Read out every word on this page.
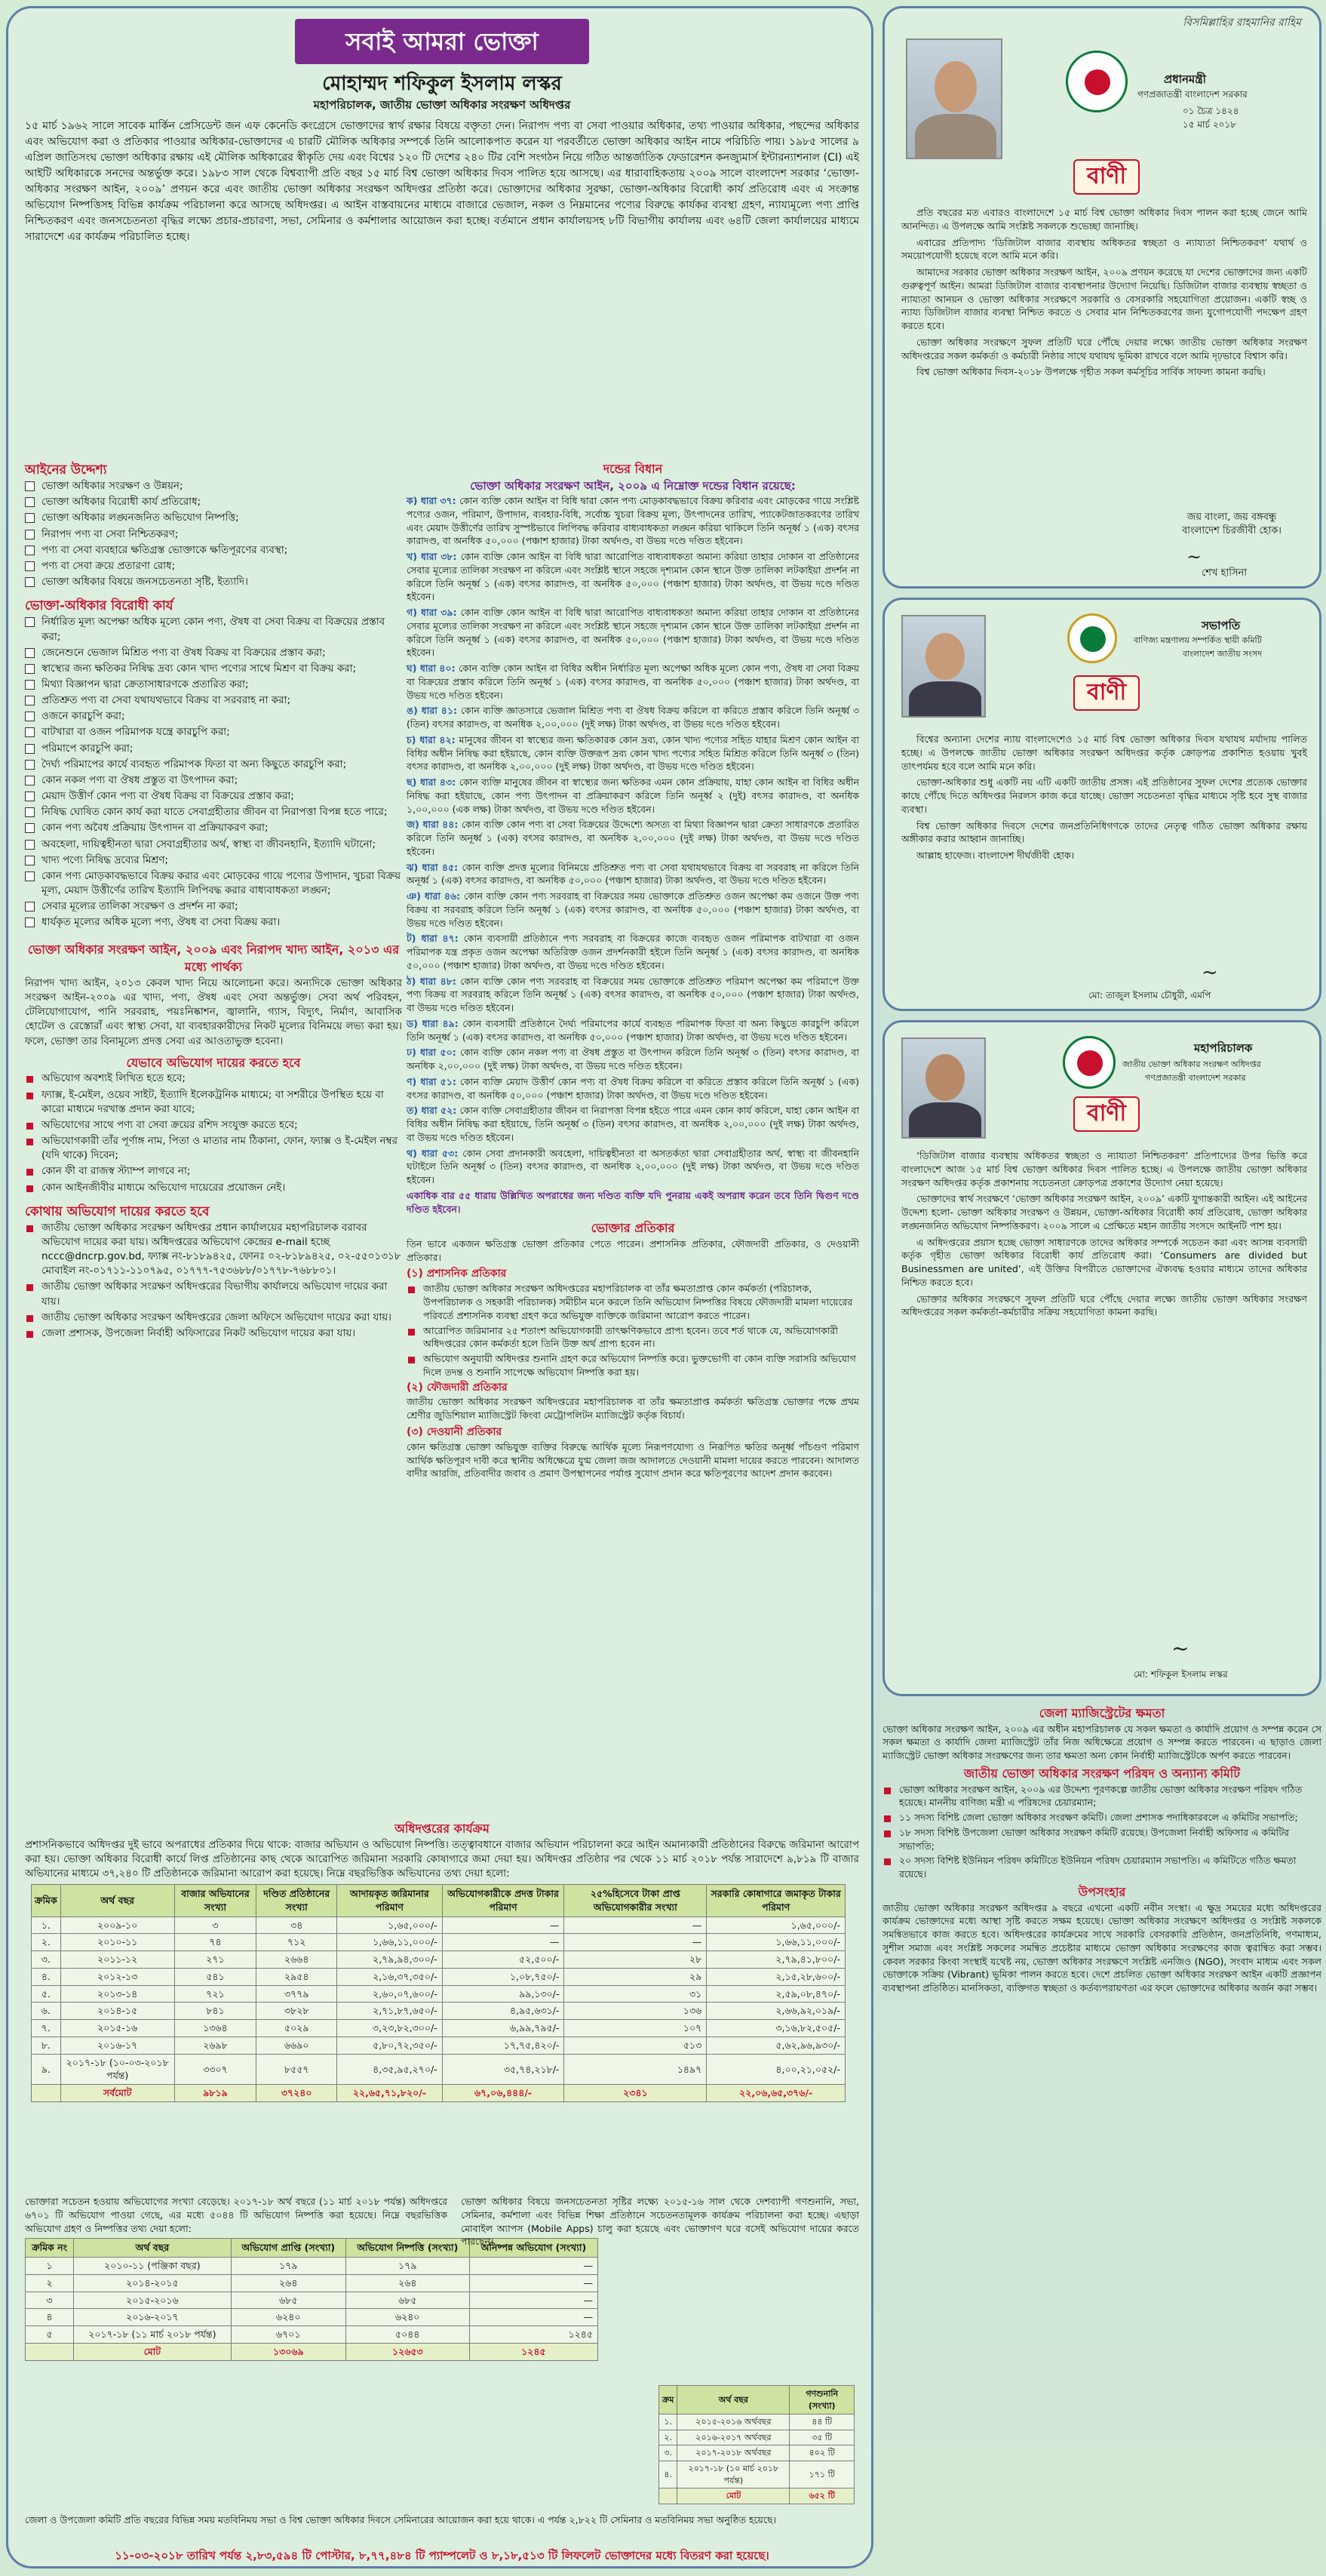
সবাই আমরা ভোক্তা
মোহাম্মদ শফিকুল ইসলাম লস্কর
মহাপরিচালক, জাতীয় ভোক্তা অধিকার সংরক্ষণ অধিদপ্তর
১৫ মার্চ ১৯৬২ সালে সাবেক মার্কিন প্রেসিডেন্ট জন এফ কেনেডি কংগ্রেসে ভোক্তাদের স্বার্থ রক্ষার বিষয়ে বক্তৃতা দেন। নিরাপদ পণ্য বা সেবা পাওয়ার অধিকার, তথ্য পাওয়ার অধিকার, পছন্দের অধিকার এবং অভিযোগ করা ও প্রতিকার পাওয়ার অধিকার-ভোক্তাদের এ চারটি মৌলিক অধিকার সম্পর্কে তিনি আলোকপাত করেন যা পরবর্তীতে ভোক্তা অধিকার আইন নামে পরিচিতি পায়। ১৯৮৫ সালের ৯ এপ্রিল জাতিসংঘ ভোক্তা অধিকার রক্ষায় এই মৌলিক অধিকারের স্বীকৃতি দেয় এবং বিশ্বের ১২০ টি দেশের ২৪০ টির বেশি সংগঠন নিয়ে গঠিত আন্তর্জাতিক ফেডারেশন কনজ্যুমার্স ইন্টারন্যাশনাল (CI) এই আইটি অধিকারকে সনদের অন্তর্ভুক্ত করে। ১৯৮৩ সাল থেকে বিশ্বব্যাপী প্রতি বছর ১৫ মার্চ বিশ্ব ভোক্তা অধিকার দিবস পালিত হয়ে আসছে। এর ধারাবাহিকতায় ২০০৯ সালে বাংলাদেশ সরকার ‘ভোক্তা-অধিকার সংরক্ষণ আইন, ২০০৯’ প্রণয়ন করে এবং জাতীয় ভোক্তা অধিকার সংরক্ষণ অধিদপ্তর প্রতিষ্ঠা করে। ভোক্তাদের অধিকার সুরক্ষা, ভোক্তা-অধিকার বিরোধী কার্য প্রতিরোধ এবং এ সংক্রান্ত অভিযোগ নিষ্পত্তিসহ বিভিন্ন কার্যক্রম পরিচালনা করে আসছে অধিদপ্তর। এ আইন বাস্তবায়নের মাধ্যমে বাজারে ভেজাল, নকল ও নিম্নমানের পণ্যের বিরুদ্ধে কার্যকর ব্যবস্থা গ্রহণ, ন্যায্যমূল্যে পণ্য প্রাপ্তি নিশ্চিতকরণ এবং জনসচেতনতা বৃদ্ধির লক্ষ্যে প্রচার-প্রচারণা, সভা, সেমিনার ও কর্মশালার আয়োজন করা হচ্ছে। বর্তমানে প্রধান কার্যালয়সহ ৮টি বিভাগীয় কার্যালয় এবং ৬৪টি জেলা কার্যালয়ের মাধ্যমে সারাদেশে এর কার্যক্রম পরিচালিত হচ্ছে।
আইনের উদ্দেশ্য
ভোক্তা অধিকার সংরক্ষণ ও উন্নয়ন;
ভোক্তা অধিকার বিরোধী কার্য প্রতিরোধ;
ভোক্তা অধিকার লঙ্ঘনজনিত অভিযোগ নিষ্পত্তি;
নিরাপদ পণ্য বা সেবা নিশ্চিতকরণ;
পণ্য বা সেবা ব্যবহারে ক্ষতিগ্রস্ত ভোক্তাকে ক্ষতিপূরণের ব্যবস্থা;
পণ্য বা সেবা ক্রয়ে প্রতারণা রোধ;
ভোক্তা অধিকার বিষয়ে জনসচেতনতা সৃষ্টি, ইত্যাদি।
ভোক্তা-অধিকার বিরোধী কার্য
নির্ধারিত মূল্য অপেক্ষা অধিক মূল্যে কোন পণ্য, ঔষধ বা সেবা বিক্রয় বা বিক্রয়ের প্রস্তাব করা;
জেনেশুনে ভেজাল মিশ্রিত পণ্য বা ঔষধ বিক্রয় বা বিক্রয়ের প্রস্তাব করা;
স্বাস্থ্যের জন্য ক্ষতিকর নিষিদ্ধ দ্রব্য কোন খাদ্য পণ্যের সাথে মিশ্রণ বা বিক্রয় করা;
মিথ্যা বিজ্ঞাপন দ্বারা ক্রেতাসাধারণকে প্রতারিত করা;
প্রতিশ্রুত পণ্য বা সেবা যথাযথভাবে বিক্রয় বা সরবরাহ না করা;
ওজনে কারচুপি করা;
বাটখারা বা ওজন পরিমাপক যন্ত্রে কারচুপি করা;
পরিমাপে কারচুপি করা;
দৈর্ঘ্য পরিমাপের কার্যে ব্যবহৃত পরিমাপক ফিতা বা অন্য কিছুতে কারচুপি করা;
কোন নকল পণ্য বা ঔষধ প্রস্তুত বা উৎপাদন করা;
মেয়াদ উত্তীর্ণ কোন পণ্য বা ঔষধ বিক্রয় বা বিক্রয়ের প্রস্তাব করা;
নিষিদ্ধ ঘোষিত কোন কার্য করা যাতে সেবাগ্রহীতার জীবন বা নিরাপত্তা বিপন্ন হতে পারে;
কোন পণ্য অবৈধ প্রক্রিয়ায় উৎপাদন বা প্রক্রিয়াকরণ করা;
অবহেলা, দায়িত্বহীনতা দ্বারা সেবাগ্রহীতার অর্থ, স্বাস্থ্য বা জীবনহানি, ইত্যাদি ঘটানো;
খাদ্য পণ্যে নিষিদ্ধ দ্রব্যের মিশ্রণ;
কোন পণ্য মোড়কাবদ্ধভাবে বিক্রয় করার এবং মোড়কের গায়ে পণ্যের উপাদান, খুচরা বিক্রয় মূল্য, মেয়াদ উত্তীর্ণের তারিখ ইত্যাদি লিপিবদ্ধ করার বাধ্যবাধকতা লঙ্ঘন;
সেবার মূল্যের তালিকা সংরক্ষণ ও প্রদর্শন না করা;
ধার্যকৃত মূল্যের অধিক মূল্যে পণ্য, ঔষধ বা সেবা বিক্রয় করা।
ভোক্তা অধিকার সংরক্ষণ আইন, ২০০৯ এবং নিরাপদ খাদ্য আইন, ২০১৩ এর মধ্যে পার্থক্য
নিরাপদ খাদ্য আইন, ২০১৩ কেবল খাদ্য নিয়ে আলোচনা করে। অন্যদিকে ভোক্তা অধিকার সংরক্ষণ আইন-২০০৯ এর খাদ্য, পণ্য, ঔষধ এবং সেবা অন্তর্ভুক্ত। সেবা অর্থ পরিবহন, টেলিযোগাযোগ, পানি সরবরাহ, পয়ঃনিষ্কাশন, জ্বালানি, গ্যাস, বিদ্যুৎ, নির্মাণ, আবাসিক হোটেল ও রেস্তোরাঁ এবং স্বাস্থ্য সেবা, যা ব্যবহারকারীদের নিকট মূল্যের বিনিময়ে লভ্য করা হয়। ফলে, ভোক্তা তার বিনামূল্যে প্রদত্ত সেবা এর আওতাভুক্ত হবেনা।
যেভাবে অভিযোগ দায়ের করতে হবে
অভিযোগ অবশ্যই লিখিত হতে হবে;
ফ্যাক্স, ই-মেইল, ওয়েব সাইট, ইত্যাদি ইলেকট্রনিক মাধ্যমে; বা সশরীরে উপস্থিত হয়ে বা কারো মাধ্যমে দরখাস্ত প্রদান করা যাবে;
অভিযোগের সাথে পণ্য বা সেবা ক্রয়ের রশিদ সংযুক্ত করতে হবে;
অভিযোগকারী তাঁর পূর্ণাঙ্গ নাম, পিতা ও মাতার নাম ঠিকানা, ফোন, ফ্যাক্স ও ই-মেইল নম্বর (যদি থাকে) দিবেন;
কোন ফী বা রাজস্ব স্ট্যাম্প লাগবে না;
কোন আইনজীবীর মাধ্যমে অভিযোগ দায়েরের প্রয়োজন নেই।
কোথায় অভিযোগ দায়ের করতে হবে
জাতীয় ভোক্তা অধিকার সংরক্ষণ অধিদপ্তর প্রধান কার্যালয়ের মহাপরিচালক বরাবর অভিযোগ দায়ের করা যায়। অধিদপ্তরের অভিযোগ কেন্দ্রের e-mail হচ্ছে nccc@dncrp.gov.bd, ফ্যাক্স নং-৮১৮৯৪২৫, ফোনঃ ০২-৮১৮৯৪২৫, ০২-৫৫০১৩১৮ মোবাইল নং-০১৭১১-১১০৭৯৫, ০১৭৭৭-৭৫৩৬৮৮/০১৭৭৮-৭৬৮৮০১।
জাতীয় ভোক্তা অধিকার সংরক্ষণ অধিদপ্তরের বিভাগীয় কার্যালয়ে অভিযোগ দায়ের করা যায়।
জাতীয় ভোক্তা অধিকার সংরক্ষণ অধিদপ্তরের জেলা অফিসে অভিযোগ দায়ের করা যায়।
জেলা প্রশাসক, উপজেলা নির্বাহী অফিসারের নিকট অভিযোগ দায়ের করা যায়।
দন্ডের বিধান
ভোক্তা অধিকার সংরক্ষণ আইন, ২০০৯ এ নিম্নোক্ত দন্ডের বিধান রয়েছে:
ক) ধারা ৩৭: কোন ব্যক্তি কোন আইন বা বিধি দ্বারা কোন পণ্য মোড়কাবদ্ধভাবে বিক্রয় করিবার এবং মোড়কের গায়ে সংশ্লিষ্ট পণ্যের ওজন, পরিমাণ, উপাদান, ব্যবহার-বিধি, সর্বোচ্চ খুচরা বিক্রয় মূল্য, উৎপাদনের তারিখ, প্যাকেটজাতকরণের তারিখ এবং মেয়াদ উত্তীর্ণের তারিখ সুস্পষ্টভাবে লিপিবদ্ধ করিবার বাধ্যবাধকতা লঙ্ঘন করিয়া থাকিলে তিনি অনূর্ধ্ব ১ (এক) বৎসর কারাদণ্ড, বা অনধিক ৫০,০০০ (পঞ্চাশ হাজার) টাকা অর্থদণ্ড, বা উভয় দণ্ডে দণ্ডিত হইবেন।
খ) ধারা ৩৮: কোন ব্যক্তি কোন আইন বা বিধি দ্বারা আরোপিত বাধ্যবাধকতা অমান্য করিয়া তাহার দোকান বা প্রতিষ্ঠানের সেবার মূল্যের তালিকা সংরক্ষণ না করিলে এবং সংশ্লিষ্ট স্থানে সহজে দৃশ্যমান কোন স্থানে উক্ত তালিকা লটকাইয়া প্রদর্শন না করিলে তিনি অনূর্ধ্ব ১ (এক) বৎসর কারাদণ্ড, বা অনধিক ৫০,০০০ (পঞ্চাশ হাজার) টাকা অর্থদণ্ড, বা উভয় দণ্ডে দণ্ডিত হইবেন।
গ) ধারা ৩৯: কোন ব্যক্তি কোন আইন বা বিধি দ্বারা আরোপিত বাধ্যবাধকতা অমান্য করিয়া তাহার দোকান বা প্রতিষ্ঠানের সেবার মূল্যের তালিকা সংরক্ষণ না করিলে এবং সংশ্লিষ্ট স্থানে সহজে দৃশ্যমান কোন স্থানে উক্ত তালিকা লটকাইয়া প্রদর্শন না করিলে তিনি অনূর্ধ্ব ১ (এক) বৎসর কারাদণ্ড, বা অনধিক ৫০,০০০ (পঞ্চাশ হাজার) টাকা অর্থদণ্ড, বা উভয় দণ্ডে দণ্ডিত হইবেন।
ঘ) ধারা ৪০: কোন ব্যক্তি কোন আইন বা বিধির অধীন নির্ধারিত মূল্য অপেক্ষা অধিক মূল্যে কোন পণ্য, ঔষধ বা সেবা বিক্রয় বা বিক্রয়ের প্রস্তাব করিলে তিনি অনূর্ধ্ব ১ (এক) বৎসর কারাদণ্ড, বা অনধিক ৫০,০০০ (পঞ্চাশ হাজার) টাকা অর্থদণ্ড, বা উভয় দণ্ডে দণ্ডিত হইবেন।
ঙ) ধারা ৪১: কোন ব্যক্তি জ্ঞাতসারে ভেজাল মিশ্রিত পণ্য বা ঔষধ বিক্রয় করিলে বা করিতে প্রস্তাব করিলে তিনি অনূর্ধ্ব ৩ (তিন) বৎসর কারাদণ্ড, বা অনধিক ২,০০,০০০ (দুই লক্ষ) টাকা অর্থদণ্ড, বা উভয় দণ্ডে দণ্ডিত হইবেন।
চ) ধারা ৪২: মানুষের জীবন বা স্বাস্থ্যের জন্য ক্ষতিকারক কোন দ্রব্য, কোন খাদ্য পণ্যের সহিত যাহার মিশ্রণ কোন আইন বা বিধির অধীন নিষিদ্ধ করা হইয়াছে, কোন ব্যক্তি উক্তরূপ দ্রব্য কোন খাদ্য পণ্যের সহিত মিশ্রিত করিলে তিনি অনূর্ধ্ব ৩ (তিন) বৎসর কারাদণ্ড, বা অনধিক ২,০০,০০০ (দুই লক্ষ) টাকা অর্থদণ্ড, বা উভয় দণ্ডে দণ্ডিত হইবেন।
ছ) ধারা ৪৩: কোন ব্যক্তি মানুষের জীবন বা স্বাস্থ্যের জন্য ক্ষতিকর এমন কোন প্রক্রিয়ায়, যাহা কোন আইন বা বিধির অধীন নিষিদ্ধ করা হইয়াছে, কোন পণ্য উৎপাদন বা প্রক্রিয়াকরণ করিলে তিনি অনূর্ধ্ব ২ (দুই) বৎসর কারাদণ্ড, বা অনধিক ১,০০,০০০ (এক লক্ষ) টাকা অর্থদণ্ড, বা উভয় দণ্ডে দণ্ডিত হইবেন।
জ) ধারা ৪৪: কোন ব্যক্তি কোন পণ্য বা সেবা বিক্রয়ের উদ্দেশ্যে অসত্য বা মিথ্যা বিজ্ঞাপন দ্বারা ক্রেতা সাধারণকে প্রতারিত করিলে তিনি অনূর্ধ্ব ১ (এক) বৎসর কারাদণ্ড, বা অনধিক ২,০০,০০০ (দুই লক্ষ) টাকা অর্থদণ্ড, বা উভয় দণ্ডে দণ্ডিত হইবেন।
ঝ) ধারা ৪৫: কোন ব্যক্তি প্রদত্ত মূল্যের বিনিময়ে প্রতিশ্রুত পণ্য বা সেবা যথাযথভাবে বিক্রয় বা সরবরাহ না করিলে তিনি অনূর্ধ্ব ১ (এক) বৎসর কারাদণ্ড, বা অনধিক ৫০,০০০ (পঞ্চাশ হাজার) টাকা অর্থদণ্ড, বা উভয় দণ্ডে দণ্ডিত হইবেন।
ঞ) ধারা ৪৬: কোন ব্যক্তি কোন পণ্য সরবরাহ বা বিক্রয়ের সময় ভোক্তাকে প্রতিশ্রুত ওজন অপেক্ষা কম ওজনে উক্ত পণ্য বিক্রয় বা সরবরাহ করিলে তিনি অনূর্ধ্ব ১ (এক) বৎসর কারাদণ্ড, বা অনধিক ৫০,০০০ (পঞ্চাশ হাজার) টাকা অর্থদণ্ড, বা উভয় দণ্ডে দণ্ডিত হইবেন।
ট) ধারা ৪৭: কোন ব্যবসায়ী প্রতিষ্ঠানে পণ্য সরবরাহ বা বিক্রয়ের কাজে ব্যবহৃত ওজন পরিমাপক বাটখারা বা ওজন পরিমাপক যন্ত্র প্রকৃত ওজন অপেক্ষা অতিরিক্ত ওজন প্রদর্শনকারী হইলে তিনি অনূর্ধ্ব ১ (এক) বৎসর কারাদণ্ড, বা অনধিক ৫০,০০০ (পঞ্চাশ হাজার) টাকা অর্থদণ্ড, বা উভয় দণ্ডে দণ্ডিত হইবেন।
ঠ) ধারা ৪৮: কোন ব্যক্তি কোন পণ্য সরবরাহ বা বিক্রয়ের সময় ভোক্তাকে প্রতিশ্রুত পরিমাপ অপেক্ষা কম পরিমাপে উক্ত পণ্য বিক্রয় বা সরবরাহ করিলে তিনি অনূর্ধ্ব ১ (এক) বৎসর কারাদণ্ড, বা অনধিক ৫০,০০০ (পঞ্চাশ হাজার) টাকা অর্থদণ্ড, বা উভয় দণ্ডে দণ্ডিত হইবেন।
ড) ধারা ৪৯: কোন ব্যবসায়ী প্রতিষ্ঠানে দৈর্ঘ্য পরিমাপের কার্যে ব্যবহৃত পরিমাপক ফিতা বা অন্য কিছুতে কারচুপি করিলে তিনি অনূর্ধ্ব ১ (এক) বৎসর কারাদণ্ড, বা অনধিক ৫০,০০০ (পঞ্চাশ হাজার) টাকা অর্থদণ্ড, বা উভয় দণ্ডে দণ্ডিত হইবেন।
ঢ) ধারা ৫০: কোন ব্যক্তি কোন নকল পণ্য বা ঔষধ প্রস্তুত বা উৎপাদন করিলে তিনি অনূর্ধ্ব ৩ (তিন) বৎসর কারাদণ্ড, বা অনধিক ২,০০,০০০ (দুই লক্ষ) টাকা অর্থদণ্ড, বা উভয় দণ্ডে দণ্ডিত হইবেন।
ণ) ধারা ৫১: কোন ব্যক্তি মেয়াদ উত্তীর্ণ কোন পণ্য বা ঔষধ বিক্রয় করিলে বা করিতে প্রস্তাব করিলে তিনি অনূর্ধ্ব ১ (এক) বৎসর কারাদণ্ড, বা অনধিক ৫০,০০০ (পঞ্চাশ হাজার) টাকা অর্থদণ্ড, বা উভয় দণ্ডে দণ্ডিত হইবেন।
ত) ধারা ৫২: কোন ব্যক্তি সেবাগ্রহীতার জীবন বা নিরাপত্তা বিপন্ন হইতে পারে এমন কোন কার্য করিলে, যাহা কোন আইন বা বিধির অধীন নিষিদ্ধ করা হইয়াছে, তিনি অনূর্ধ্ব ৩ (তিন) বৎসর কারাদণ্ড, বা অনধিক ২,০০,০০০ (দুই লক্ষ) টাকা অর্থদণ্ড, বা উভয় দণ্ডে দণ্ডিত হইবেন।
থ) ধারা ৫৩: কোন সেবা প্রদানকারী অবহেলা, দায়িত্বহীনতা বা অসতর্কতা দ্বারা সেবাগ্রহীতার অর্থ, স্বাস্থ্য বা জীবনহানি ঘটাইলে তিনি অনূর্ধ্ব ৩ (তিন) বৎসর কারাদণ্ড, বা অনধিক ২,০০,০০০ (দুই লক্ষ) টাকা অর্থদণ্ড, বা উভয় দণ্ডে দণ্ডিত হইবেন।
একাধিক বার ৫৫ ধারায় উল্লিখিত অপরাধের জন্য দণ্ডিত ব্যক্তি যদি পুনরায় একই অপরাধ করেন তবে তিনি দ্বিগুণ দণ্ডে দণ্ডিত হইবেন।
ভোক্তার প্রতিকার
তিন ভাবে একজন ক্ষতিগ্রস্ত ভোক্তা প্রতিকার পেতে পারেন। প্রশাসনিক প্রতিকার, ফৌজদারী প্রতিকার, ও দেওয়ানী প্রতিকার।
(১) প্রশাসনিক প্রতিকার
জাতীয় ভোক্তা অধিকার সংরক্ষণ অধিদপ্তরের মহাপরিচালক বা তাঁর ক্ষমতাপ্রাপ্ত কোন কর্মকর্তা (পরিচালক, উপপরিচালক ও সহকারী পরিচালক) সমীচীন মনে করলে তিনি অভিযোগ নিষ্পত্তির বিষয়ে ফৌজদারী মামলা দায়েরের পরিবর্তে প্রশাসনিক ব্যবস্থা গ্রহণ করে অভিযুক্ত ব্যক্তিকে জরিমানা আরোপ করতে পারেন।
আরোপিত জরিমানার ২৫ শতাংশ অভিযোগকারী তাৎক্ষণিকভাবে প্রাপ্য হবেন। তবে শর্ত থাকে যে, অভিযোগকারী অধিদপ্তরের কোন কর্মকর্তা হলে তিনি উক্ত অর্থ প্রাপ্য হবেন না।
অভিযোগ অনুযায়ী অধিদপ্তর শুনানি গ্রহণ করে অভিযোগ নিষ্পত্তি করে। ভুক্তভোগী বা কোন ব্যক্তি সরাসরি অভিযোগ দিলে তদন্ত ও শুনানি সাপেক্ষে অভিযোগ নিষ্পত্তি করা হয়।
(২) ফৌজদারী প্রতিকার
জাতীয় ভোক্তা অধিকার সংরক্ষণ অধিদপ্তরের মহাপরিচালক বা তাঁর ক্ষমতাপ্রাপ্ত কর্মকর্তা ক্ষতিগ্রস্ত ভোক্তার পক্ষে প্রথম শ্রেণীর জুডিশিয়াল ম্যাজিস্ট্রেট কিংবা মেট্রোপলিটন ম্যাজিস্ট্রেট কর্তৃক বিচার্য।
(৩) দেওয়ানী প্রতিকার
কোন ক্ষতিগ্রস্ত ভোক্তা অভিযুক্ত ব্যক্তির বিরুদ্ধে আর্থিক মূল্যে নিরূপণযোগ্য ও নিরূপিত ক্ষতির অনূর্ধ্ব পাঁচগুণ পরিমাণ আর্থিক ক্ষতিপূরণ দাবী করে স্থানীয় অধিক্ষেত্রে যুগ্ম জেলা জজ আদালতে দেওয়ানী মামলা দায়ের করতে পারবেন। আদালত বাদীর আরজি, প্রতিবাদীর জবাব ও প্রমাণ উপস্থাপনের পর্যাপ্ত সুযোগ প্রদান করে ক্ষতিপূরণের আদেশ প্রদান করবেন।
অধিদপ্তরের কার্যক্রম
প্রশাসনিকভাবে অধিদপ্তর দুই ভাবে অপরাধের প্রতিকার দিয়ে থাকে: বাজার অভিযান ও অভিযোগ নিষ্পত্তি। তত্ত্বাবধানে বাজার অভিযান পরিচালনা করে আইন অমান্যকারী প্রতিষ্ঠানের বিরুদ্ধে জরিমানা আরোপ করা হয়। ভোক্তা অধিকার বিরোধী কার্যে লিপ্ত প্রতিষ্ঠানের কাছ থেকে আরোপিত জরিমানা সরকারি কোষাগারে জমা দেয়া হয়। অধিদপ্তর প্রতিষ্ঠার পর থেকে ১১ মার্চ ২০১৮ পর্যন্ত সারাদেশে ৯,৮১৯ টি বাজার অভিযানের মাধ্যমে ৩৭,২৪০ টি প্রতিষ্ঠানকে জরিমানা আরোপ করা হয়েছে। নিম্নে বছরভিত্তিক অভিযানের তথ্য দেয়া হলো:
ক্রমিক	অর্থ বছর	বাজার অভিযানের সংখ্যা	দণ্ডিত প্রতিষ্ঠানের সংখ্যা	আদায়কৃত জরিমানার পরিমাণ	অভিযোগকারীকে প্রদত্ত টাকার পরিমাণ	২৫%হিসেবে টাকা প্রাপ্ত অভিযোগকারীর সংখ্যা	সরকারি কোষাগারে জমাকৃত টাকার পরিমাণ
১.	২০০৯-১০	৩	৩৪	১,৬৫,০০০/-	—	—	১,৬৫,০০০/-
২.	২০১০-১১	৭৪	৭১২	১,৬৬,১১,০০০/-	—	—	১,৬৬,১১,০০০/-
৩.	২০১১-১২	২৭১	২৬৬৪	২,৭৯,৯৪,৩০০/-	৫২,৫০০/-	২৮	২,৭৯,৪১,৮০০/-
৪.	২০১২-১৩	৫৪১	২৯৫৪	২,১৬,৩৭,৩৫০/-	১,০৮,৭৫০/-	২৯	২,১৫,২৮,৬০০/-
৫.	২০১৩-১৪	৭২১	৩৭৭৯	২,৬০,০৭,৬০০/-	৯৯,১৩০/-	৩১	২,৫৯,০৮,৪৭০/-
৬.	২০১৪-১৫	৮৪১	৩৮২৮	২,৭১,৮৭,৬৫০/-	৪,৯৫,৬৩১/-	১৩৬	২,৬৬,৯২,০১৯/-
৭.	২০১৫-১৬	১৩৬৪	৫০২৯	৩,২৩,৮২,৩০০/-	৬,৯৯,৭৯৫/-	১০৭	৩,১৬,৮২,৫০৫/-
৮.	২০১৬-১৭	২৬৯৮	৬৬৯০	৫,৮০,৭২,৩৫০/-	১৭,৭৫,৪২০/-	৫১৩	৫,৬২,৯৬,৯৩০/-
৯.	২০১৭-১৮ (১০-০৩-২০১৮ পর্যন্ত)	৩৩০৭	৮৫৫৭	৪,৩৫,৯৫,২৭০/-	৩৫,৭৪,২১৮/-	১৪৯৭	৪,০০,২১,০৫২/-
	সর্বমোট	৯৮১৯	৩৭২৪০	২২,৬৫,৭১,৮২০/-	৬৭,০৬,৪৪৪/-	২৩৪১	২২,০৬,৬৫,৩৭৬/-
ভোক্তারা সচেতন হওয়ায় অভিযোগের সংখ্যা বেড়েছে। ২০১৭-১৮ অর্থ বছরে (১১ মার্চ ২০১৮ পর্যন্ত) অধিদপ্তরে ৬৭০১ টি অভিযোগ পাওয়া গেছে, এর মধ্যে ৫০৪৪ টি অভিযোগ নিষ্পত্তি করা হয়েছে। নিম্নে বছরভিত্তিক অভিযোগ গ্রহণ ও নিষ্পত্তির তথ্য দেয়া হলো:
ক্রমিক নং	অর্থ বছর	অভিযোগ প্রাপ্তি (সংখ্যা)	অভিযোগ নিষ্পত্তি (সংখ্যা)	অনিষ্পন্ন অভিযোগ (সংখ্যা)
১	২০১০-১১ (পঞ্জিকা বছর)	১৭৯	১৭৯	—
২	২০১৪-২০১৫	২৬৪	২৬৪	—
৩	২০১৫-২০১৬	৬৮৫	৬৮৫	—
৪	২০১৬-২০১৭	৬২৪০	৬২৪০	—
৫	২০১৭-১৮ (১১ মার্চ ২০১৮ পর্যন্ত)	৬৭০১	৫০৪৪	১২৪৫
	মোট	১৩০৬৯	১২৬৫৩	১২৪৫
ভোক্তা অধিকার বিষয়ে জনসচেতনতা সৃষ্টির লক্ষ্যে ২০১৫-১৬ সাল থেকে দেশব্যাপী গণশুনানি, সভা, সেমিনার, কর্মশালা এবং বিভিন্ন শিক্ষা প্রতিষ্ঠানে সচেতনতামূলক কার্যক্রম পরিচালনা করা হচ্ছে। এছাড়া মোবাইল অ্যাপস (Mobile Apps) চালু করা হয়েছে এবং ভোক্তাগণ ঘরে বসেই অভিযোগ দায়ের করতে পারছেন।
ক্রম	অর্থ বছর	গণশুনানি (সংখ্যা)
১.	২০১৫-২০১৬ অর্থবছর	৪৪ টি
২.	২০১৬-২০১৭ অর্থবছর	৩৫ টি
৩.	২০১৭-২০১৮ অর্থবছর	৪০২ টি
৪.	২০১৭-১৮ (১০ মার্চ ২০১৮ পর্যন্ত)	১৭১ টি
	মোট	৬৫২ টি
জেলা ও উপজেলা কমিটি প্রতি বছরের বিভিন্ন সময় মতবিনিময় সভা ও বিশ্ব ভোক্তা অধিকার দিবসে সেমিনারের আয়োজন করা হয়ে থাকে। এ পর্যন্ত ২,৮২২ টি সেমিনার ও মতবিনিময় সভা অনুষ্ঠিত হয়েছে।
১১-০৩-২০১৮ তারিখ পর্যন্ত ২,৮৩,৫৯৪ টি পোস্টার, ৮,৭৭,৪৮৪ টি প্যাম্পলেট ও ৮,১৮,৫১৩ টি লিফলেট ভোক্তাদের মধ্যে বিতরণ করা হয়েছে।
বিসমিল্লাহির রাহমানির রাহিম
প্রধানমন্ত্রী
গণপ্রজাতন্ত্রী বাংলাদেশ সরকার
০১ চৈত্র ১৪২৪
১৫ মার্চ ২০১৮
বাণী

প্রতি বছরের মত এবারও বাংলাদেশে ১৫ মার্চ বিশ্ব ভোক্তা অধিকার দিবস পালন করা হচ্ছে জেনে আমি আনন্দিত। এ উপলক্ষে আমি সংশ্লিষ্ট সকলকে শুভেচ্ছা জানাচ্ছি।

এবারের প্রতিপাদ্য ‘ডিজিটাল বাজার ব্যবস্থায় অধিকতর স্বচ্ছতা ও ন্যায্যতা নিশ্চিতকরণ’ যথার্থ ও সময়োপযোগী হয়েছে বলে আমি মনে করি।

আমাদের সরকার ভোক্তা অধিকার সংরক্ষণ আইন, ২০০৯ প্রণয়ন করেছে যা দেশের ভোক্তাদের জন্য একটি গুরুত্বপূর্ণ আইন। আমরা ডিজিটাল বাজার ব্যবস্থাপনার উদ্যোগ নিয়েছি। ডিজিটাল বাজার ব্যবস্থায় স্বচ্ছতা ও ন্যায্যতা আনয়ন ও ভোক্তা অধিকার সংরক্ষণে সরকারি ও বেসরকারি সহযোগিতা প্রয়োজন। একটি স্বচ্ছ ও ন্যায্য ডিজিটাল বাজার ব্যবস্থা নিশ্চিত করতে ও সেবার মান নিশ্চিতকরণের জন্য যুগোপযোগী পদক্ষেপ গ্রহণ করতে হবে।

ভোক্তা অধিকার সংরক্ষণে সুফল প্রতিটি ঘরে পৌঁছে দেয়ার লক্ষ্যে জাতীয় ভোক্তা অধিকার সংরক্ষণ অধিদপ্তরের সকল কর্মকর্তা ও কর্মচারী নিষ্ঠার সাথে যথাযথ ভূমিকা রাখবে বলে আমি দৃঢ়ভাবে বিশ্বাস করি।

বিশ্ব ভোক্তা অধিকার দিবস-২০১৮ উপলক্ষে গৃহীত সকল কর্মসূচির সার্বিক সাফল্য কামনা করছি।

জয় বাংলা, জয় বঙ্গবন্ধু
বাংলাদেশ চিরজীবী হোক।
~
শেখ হাসিনা
সভাপতি
বাণিজ্য মন্ত্রণালয় সম্পর্কিত স্থায়ী কমিটি
বাংলাদেশ জাতীয় সংসদ
বাণী

বিশ্বের অন্যান্য দেশের ন্যায় বাংলাদেশেও ১৫ মার্চ বিশ্ব ভোক্তা অধিকার দিবস যথাযথ মর্যাদায় পালিত হচ্ছে। এ উপলক্ষে জাতীয় ভোক্তা অধিকার সংরক্ষণ অধিদপ্তর কর্তৃক ক্রোড়পত্র প্রকাশিত হওয়ায় খুবই তাৎপর্যময় হবে বলে আমি মনে করি।

ভোক্তা-অধিকার শুধু একটি নয় এটি একটি জাতীয় প্রসঙ্গ। এই প্রতিষ্ঠানের সুফল দেশের প্রত্যেক ভোক্তার কাছে পৌঁছে দিতে অধিদপ্তর নিরলস কাজ করে যাচ্ছে। ভোক্তা সচেতনতা বৃদ্ধির মাধ্যমে সৃষ্টি হবে সুস্থ বাজার ব্যবস্থা।

বিশ্ব ভোক্তা অধিকার দিবসে দেশের জনপ্রতিনিধিগণকে তাদের নেতৃত্ব গঠিত ভোক্তা অধিকার রক্ষায় অঙ্গীকার করার আহ্বান জানাচ্ছি।

আল্লাহ হাফেজ। বাংলাদেশ দীর্ঘজীবী হোক।

~
মো: তাজুল ইসলাম চৌধুরী, এমপি
মহাপরিচালক
জাতীয় ভোক্তা অধিকার সংরক্ষণ অধিদপ্তর
গণপ্রজাতন্ত্রী বাংলাদেশ সরকার
বাণী

‘ডিজিটাল বাজার ব্যবস্থায় অধিকতর স্বচ্ছতা ও ন্যায্যতা নিশ্চিতকরণ’ প্রতিপাদ্যের উপর ভিত্তি করে বাংলাদেশে আজ ১৫ মার্চ বিশ্ব ভোক্তা অধিকার দিবস পালিত হচ্ছে। এ উপলক্ষে জাতীয় ভোক্তা অধিকার সংরক্ষণ অধিদপ্তর কর্তৃক প্রকাশনায় সচেতনতা ক্রোড়পত্র প্রকাশের উদ্যোগ নেয়া হয়েছে।

ভোক্তাদের স্বার্থ সংরক্ষণে ‘ভোক্তা অধিকার সংরক্ষণ আইন, ২০০৯’ একটি যুগান্তকারী আইন। এই আইনের উদ্দেশ্য হলো- ভোক্তা অধিকার সংরক্ষণ ও উন্নয়ন, ভোক্তা-অধিকার বিরোধী কার্য প্রতিরোধ, ভোক্তা অধিকার লঙ্ঘনজনিত অভিযোগ নিষ্পত্তিকরণ। ২০০৯ সালে এ প্রেক্ষিতে মহান জাতীয় সংসদে আইনটি পাশ হয়।

এ অধিদপ্তরের প্রয়াস হচ্ছে ভোক্তা সাধারণকে তাদের অধিকার সম্পর্কে সচেতন করা এবং আসন্ন ব্যবসায়ী কর্তৃক গৃহীত ভোক্তা অধিকার বিরোধী কার্য প্রতিরোধ করা। ‘Consumers are divided but Businessmen are united’, এই উক্তির বিপরীতে ভোক্তাদের ঐক্যবদ্ধ হওয়ার মাধ্যমে তাদের অধিকার নিশ্চিত করতে হবে।

ভোক্তার অধিকার সংরক্ষণে সুফল প্রতিটি ঘরে পৌঁছে দেয়ার লক্ষ্যে জাতীয় ভোক্তা অধিকার সংরক্ষণ অধিদপ্তরের সকল কর্মকর্তা-কর্মচারীর সক্রিয় সহযোগিতা কামনা করছি।

~
মো: শফিকুল ইসলাম লস্কর
জেলা ম্যাজিস্ট্রেটের ক্ষমতা
ভোক্তা অধিকার সংরক্ষণ আইন, ২০০৯ এর অধীন মহাপরিচালক যে সকল ক্ষমতা ও কার্যাদি প্রয়োগ ও সম্পন্ন করেন সে সকল ক্ষমতা ও কার্যাদি জেলা ম্যাজিস্ট্রেট তাঁর নিজ অধিক্ষেত্রে প্রয়োগ ও সম্পন্ন করতে পারবেন। এ ছাড়াও জেলা ম্যাজিস্ট্রেট ভোক্তা অধিকার সংরক্ষণের জন্য তার ক্ষমতা অন্য কোন নির্বাহী ম্যাজিস্ট্রেটকে অর্পণ করতে পারবেন।
জাতীয় ভোক্তা অধিকার সংরক্ষণ পরিষদ ও অন্যান্য কমিটি
ভোক্তা অধিকার সংরক্ষণ আইন, ২০০৯ এর উদ্দেশ্য পূরণকল্পে জাতীয় ভোক্তা অধিকার সংরক্ষণ পরিষদ গঠিত হয়েছে। মাননীয় বাণিজ্য মন্ত্রী এ পরিষদের চেয়ারম্যান;
১১ সদস্য বিশিষ্ট জেলা ভোক্তা অধিকার সংরক্ষণ কমিটি। জেলা প্রশাসক পদাধিকারবলে এ কমিটির সভাপতি;
১৮ সদস্য বিশিষ্ট উপজেলা ভোক্তা অধিকার সংরক্ষণ কমিটি রয়েছে। উপজেলা নির্বাহী অফিসার এ কমিটির সভাপতি;
২০ সদস্য বিশিষ্ট ইউনিয়ন পরিষদ কমিটিতে ইউনিয়ন পরিষদ চেয়ারম্যান সভাপতি। এ কমিটিতে গঠিত ক্ষমতা রয়েছে।
উপসংহার
জাতীয় ভোক্তা অধিকার সংরক্ষণ অধিদপ্তর ৯ বছরে এখনো একটি নবীন সংস্থা। এ ক্ষুদ্র সময়ের মধ্যে অধিদপ্তরের কার্যক্রম ভোক্তাদের মধ্যে আস্থা সৃষ্টি করতে সক্ষম হয়েছে। ভোক্তা অধিকার সংরক্ষণে অধিদপ্তর ও সংশ্লিষ্ট সকলকে সমন্বিতভাবে কাজ করতে হবে। অধিদপ্তরের কার্যক্রমের সাথে সরকারি বেসরকারি প্রতিষ্ঠান, জনপ্রতিনিধি, গণমাধ্যম, সুশীল সমাজ এবং সংশ্লিষ্ট সকলের সমন্বিত প্রচেষ্টার মাধ্যমে ভোক্তা অধিকার সংরক্ষণের কাজ ত্বরান্বিত করা সম্ভব। কেবল সরকার কিংবা সংস্থাই যথেষ্ট নয়, ভোক্তা অধিকার সংরক্ষণে সংশ্লিষ্ট এনজিও (NGO), সংবাদ মাধ্যম এবং সকল ভোক্তাকে সক্রিয় (Vibrant) ভূমিকা পালন করতে হবে। দেশে প্রচলিত ভোক্তা অধিকার সংরক্ষণ আইন একটি প্রজ্ঞাপন ব্যবস্থাপনা প্রতিষ্ঠিত। মানসিকতা, ব্যক্তিগত স্বচ্ছতা ও কর্তব্যপরায়ণতা এর ফলে ভোক্তাদের অধিকার অর্জন করা সম্ভব।
